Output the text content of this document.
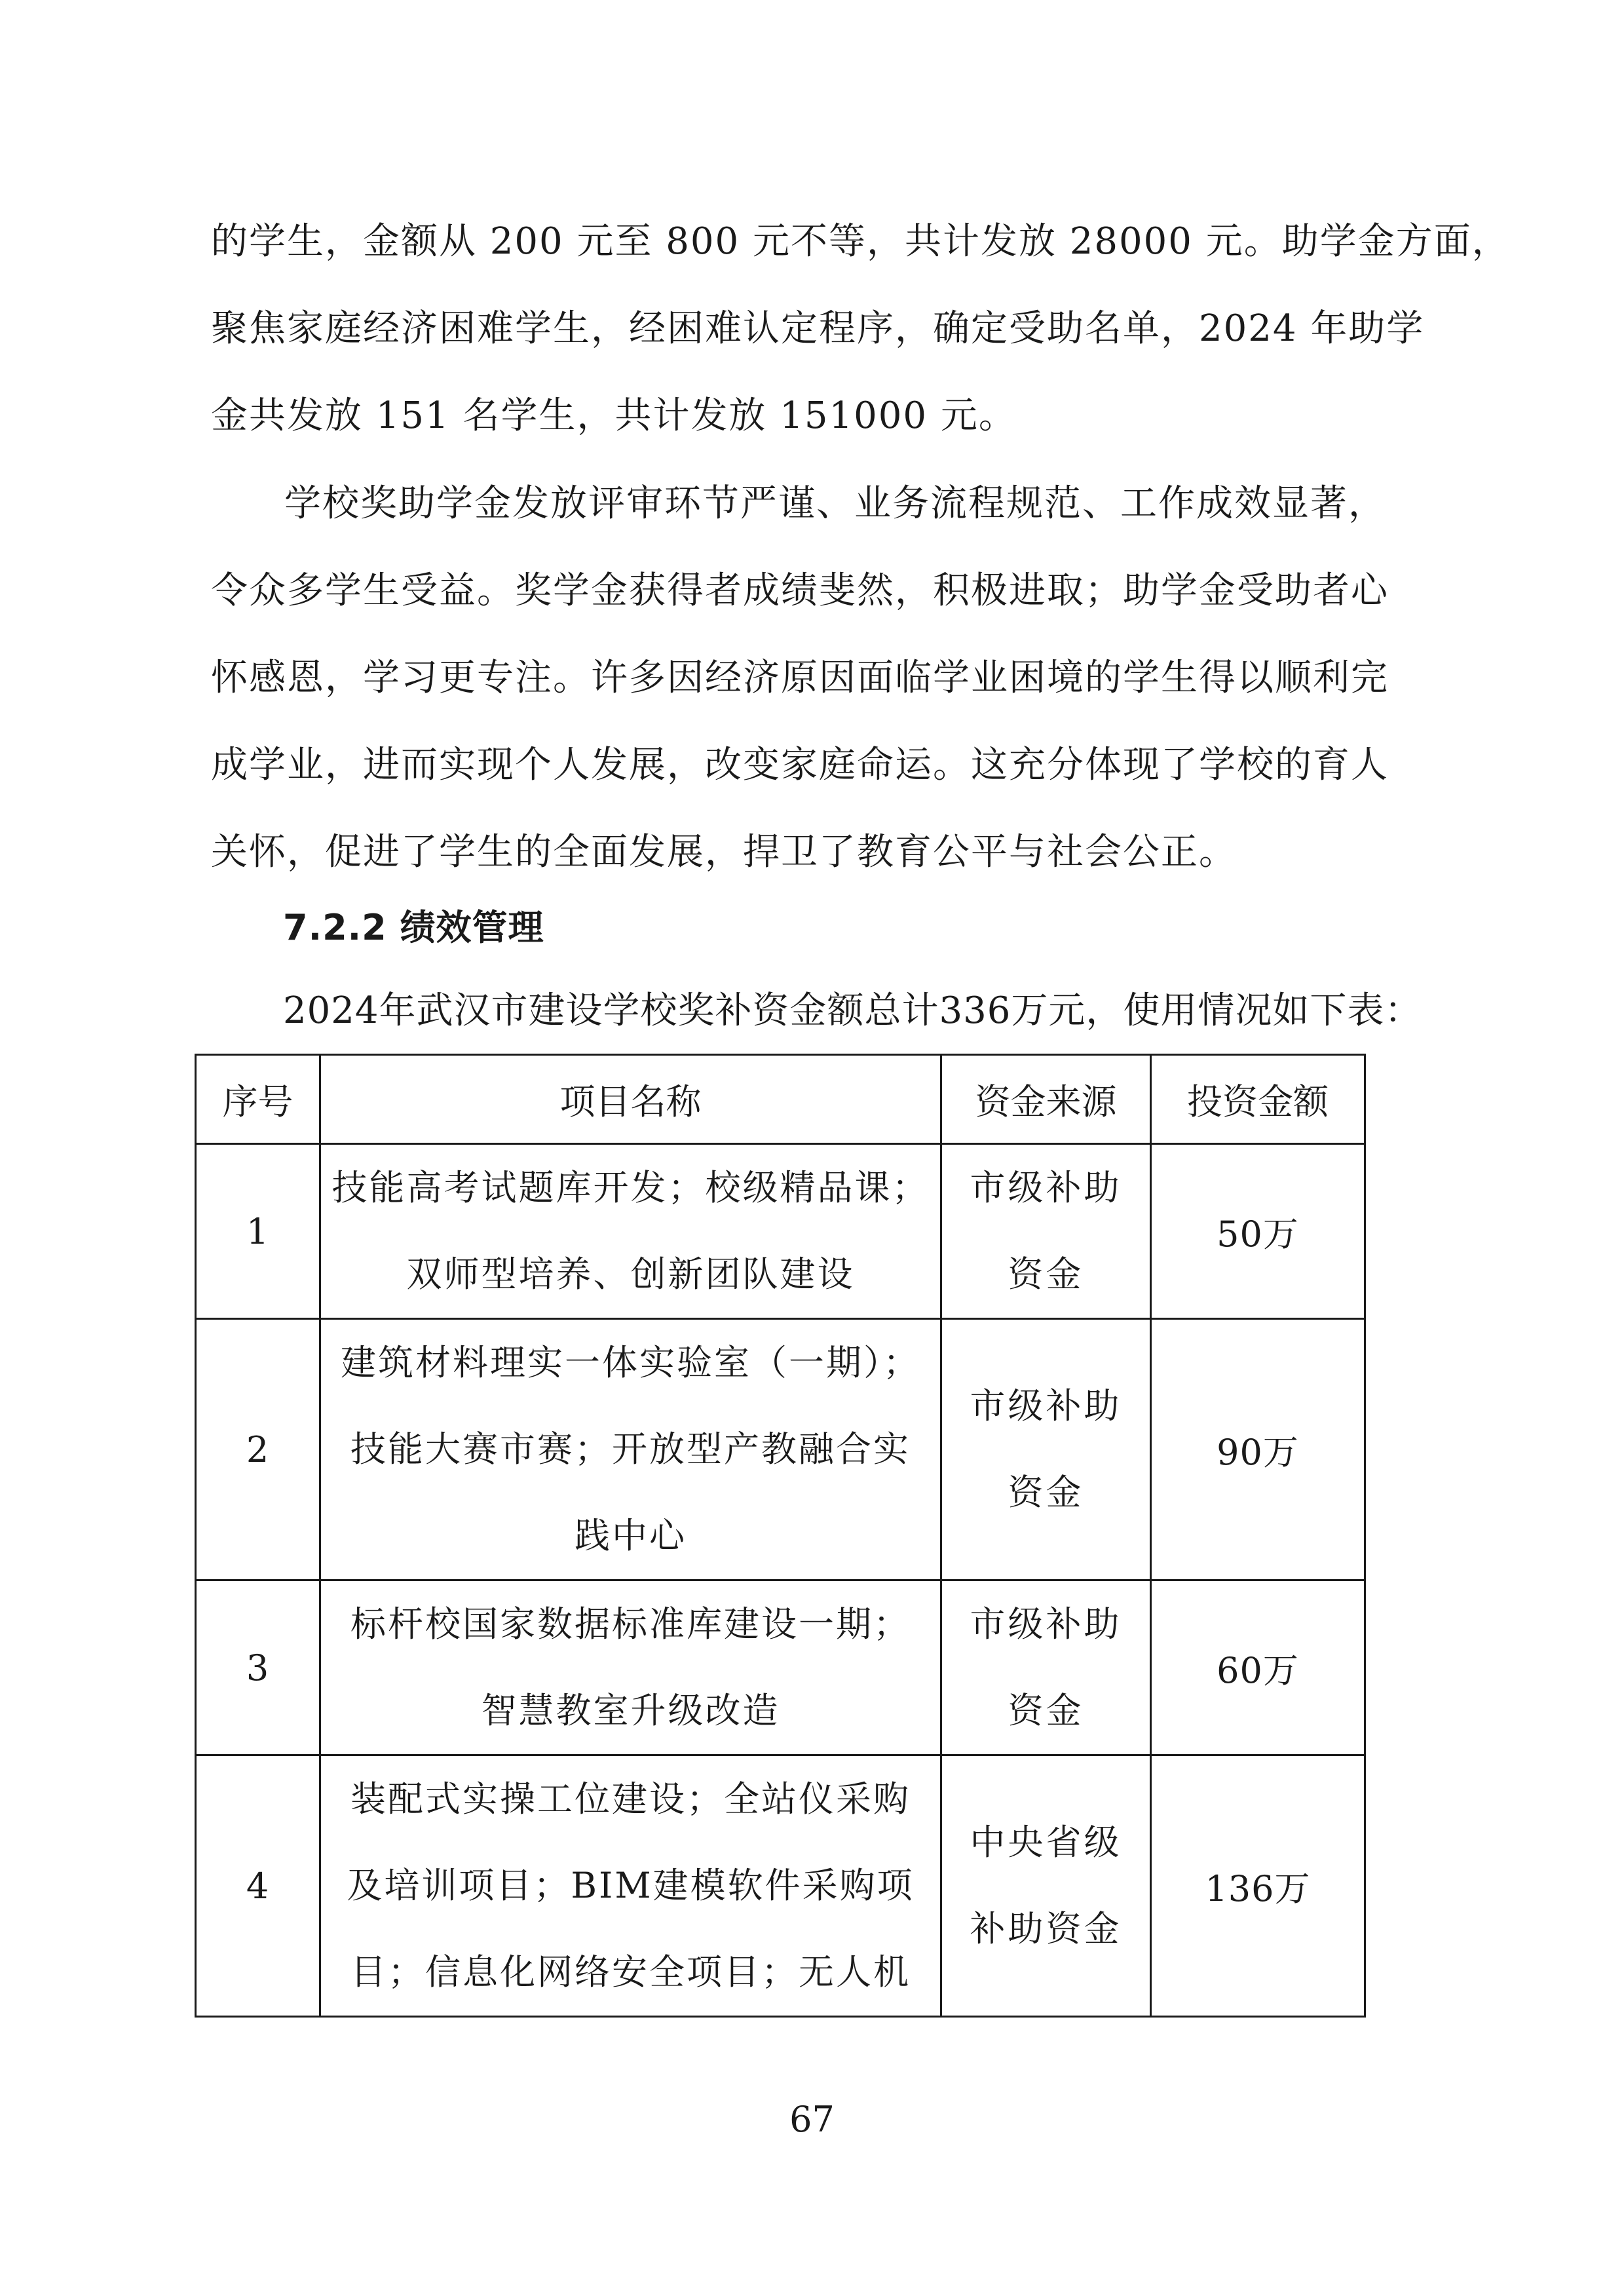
的学生，金额从 200 元至 800 元不等，共计发放 28000 元。助学金方面，
聚焦家庭经济困难学生，经困难认定程序，确定受助名单，2024 年助学
金共发放 151 名学生，共计发放 151000 元。
学校奖助学金发放评审环节严谨、业务流程规范、工作成效显著，
令众多学生受益。奖学金获得者成绩斐然，积极进取；助学金受助者心
怀感恩，学习更专注。许多因经济原因面临学业困境的学生得以顺利完
成学业，进而实现个人发展，改变家庭命运。这充分体现了学校的育人
关怀，促进了学生的全面发展，捍卫了教育公平与社会公正。
7.2.2 绩效管理
2024年武汉市建设学校奖补资金额总计336万元，使用情况如下表：
序号	项目名称	资金来源	投资金额
1	技能高考试题库开发；校级精品课；
双师型培养、创新团队建设	市级补助
资金	50万
2	建筑材料理实一体实验室（一期）；
技能大赛市赛；开放型产教融合实
践中心	市级补助
资金	90万
3	标杆校国家数据标准库建设一期；
智慧教室升级改造	市级补助
资金	60万
4	装配式实操工位建设；全站仪采购
及培训项目；BIM建模软件采购项
目；信息化网络安全项目；无人机	中央省级
补助资金	136万
67
